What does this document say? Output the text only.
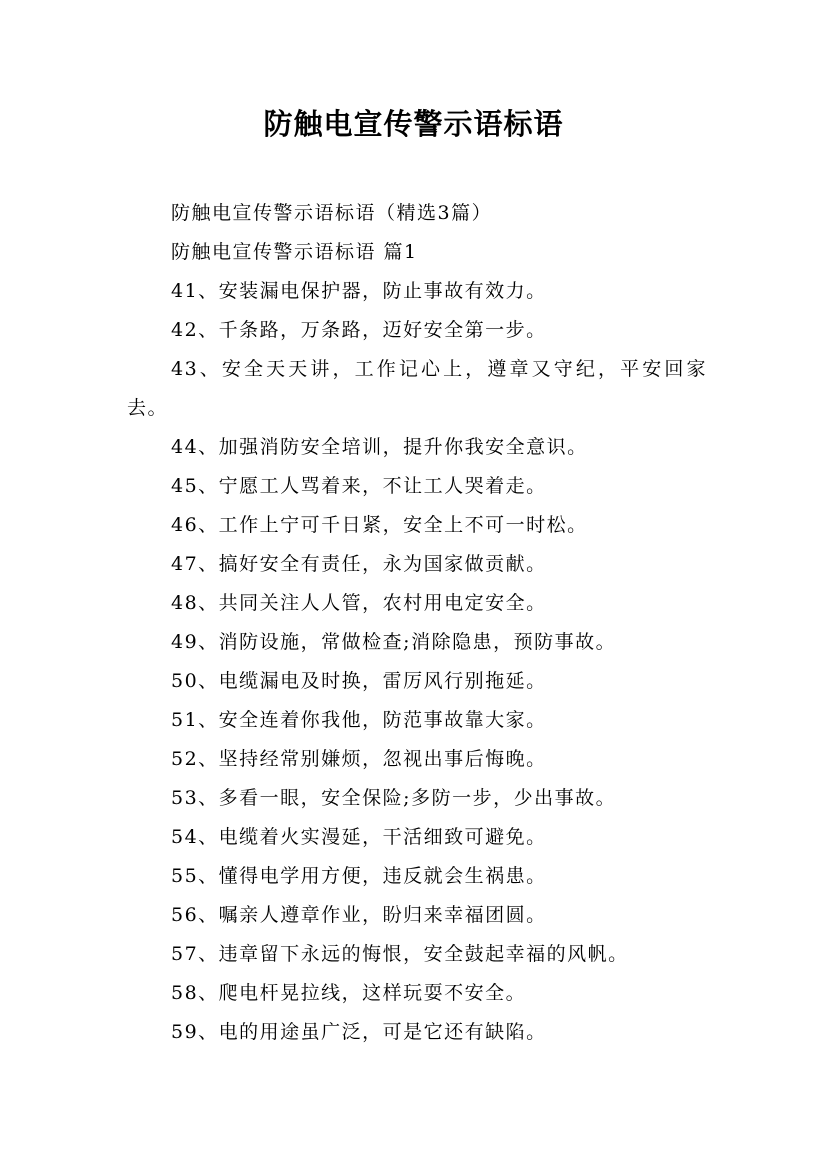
防触电宣传警示语标语

防触电宣传警示语标语（精选3篇）

防触电宣传警示语标语 篇1

41、安装漏电保护器，防止事故有效力。

42、千条路，万条路，迈好安全第一步。

43、安全天天讲，工作记心上，遵章又守纪，平安回家去。

44、加强消防安全培训，提升你我安全意识。

45、宁愿工人骂着来，不让工人哭着走。

46、工作上宁可千日紧，安全上不可一时松。

47、搞好安全有责任，永为国家做贡献。

48、共同关注人人管，农村用电定安全。

49、消防设施，常做检查;消除隐患，预防事故。

50、电缆漏电及时换，雷厉风行别拖延。

51、安全连着你我他，防范事故靠大家。

52、坚持经常别嫌烦，忽视出事后悔晚。

53、多看一眼，安全保险;多防一步，少出事故。

54、电缆着火实漫延，干活细致可避免。

55、懂得电学用方便，违反就会生祸患。

56、嘱亲人遵章作业，盼归来幸福团圆。

57、违章留下永远的悔恨，安全鼓起幸福的风帆。

58、爬电杆晃拉线，这样玩耍不安全。

59、电的用途虽广泛，可是它还有缺陷。
